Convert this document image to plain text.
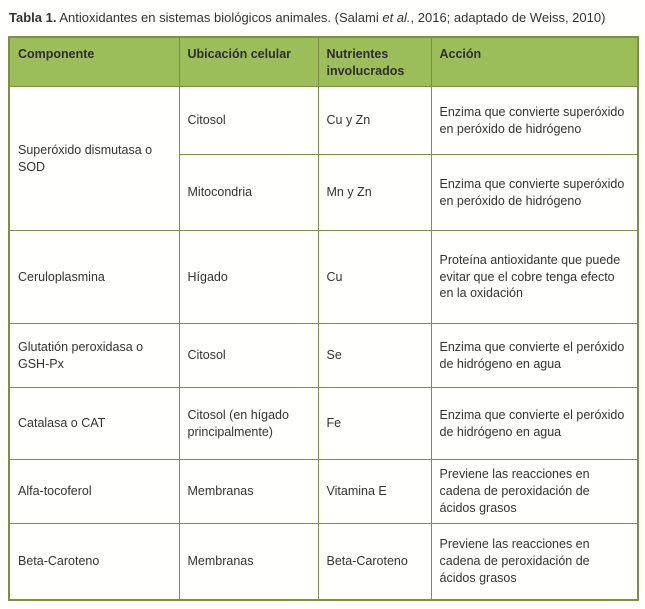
Tabla 1. Antioxidantes en sistemas biológicos animales. (Salami et al., 2016; adaptado de Weiss, 2010)
Componente	Ubicación celular	Nutrientes involucrados	Acción
Superóxido dismutasa o SOD	Citosol	Cu y Zn	Enzima que convierte superóxido en peróxido de hidrógeno
	Mitocondria	Mn y Zn	Enzima que convierte superóxido en peróxido de hidrógeno
Ceruloplasmina	Hígado	Cu	Proteína antioxidante que puede evitar que el cobre tenga efecto en la oxidación
Glutatión peroxidasa o GSH-Px	Citosol	Se	Enzima que convierte el peróxido de hidrógeno en agua
Catalasa o CAT	Citosol (en hígado principalmente)	Fe	Enzima que convierte el peróxido de hidrógeno en agua
Alfa-tocoferol	Membranas	Vitamina E	Previene las reacciones en cadena de peroxidación de ácidos grasos
Beta-Caroteno	Membranas	Beta-Caroteno	Previene las reacciones en cadena de peroxidación de ácidos grasos
